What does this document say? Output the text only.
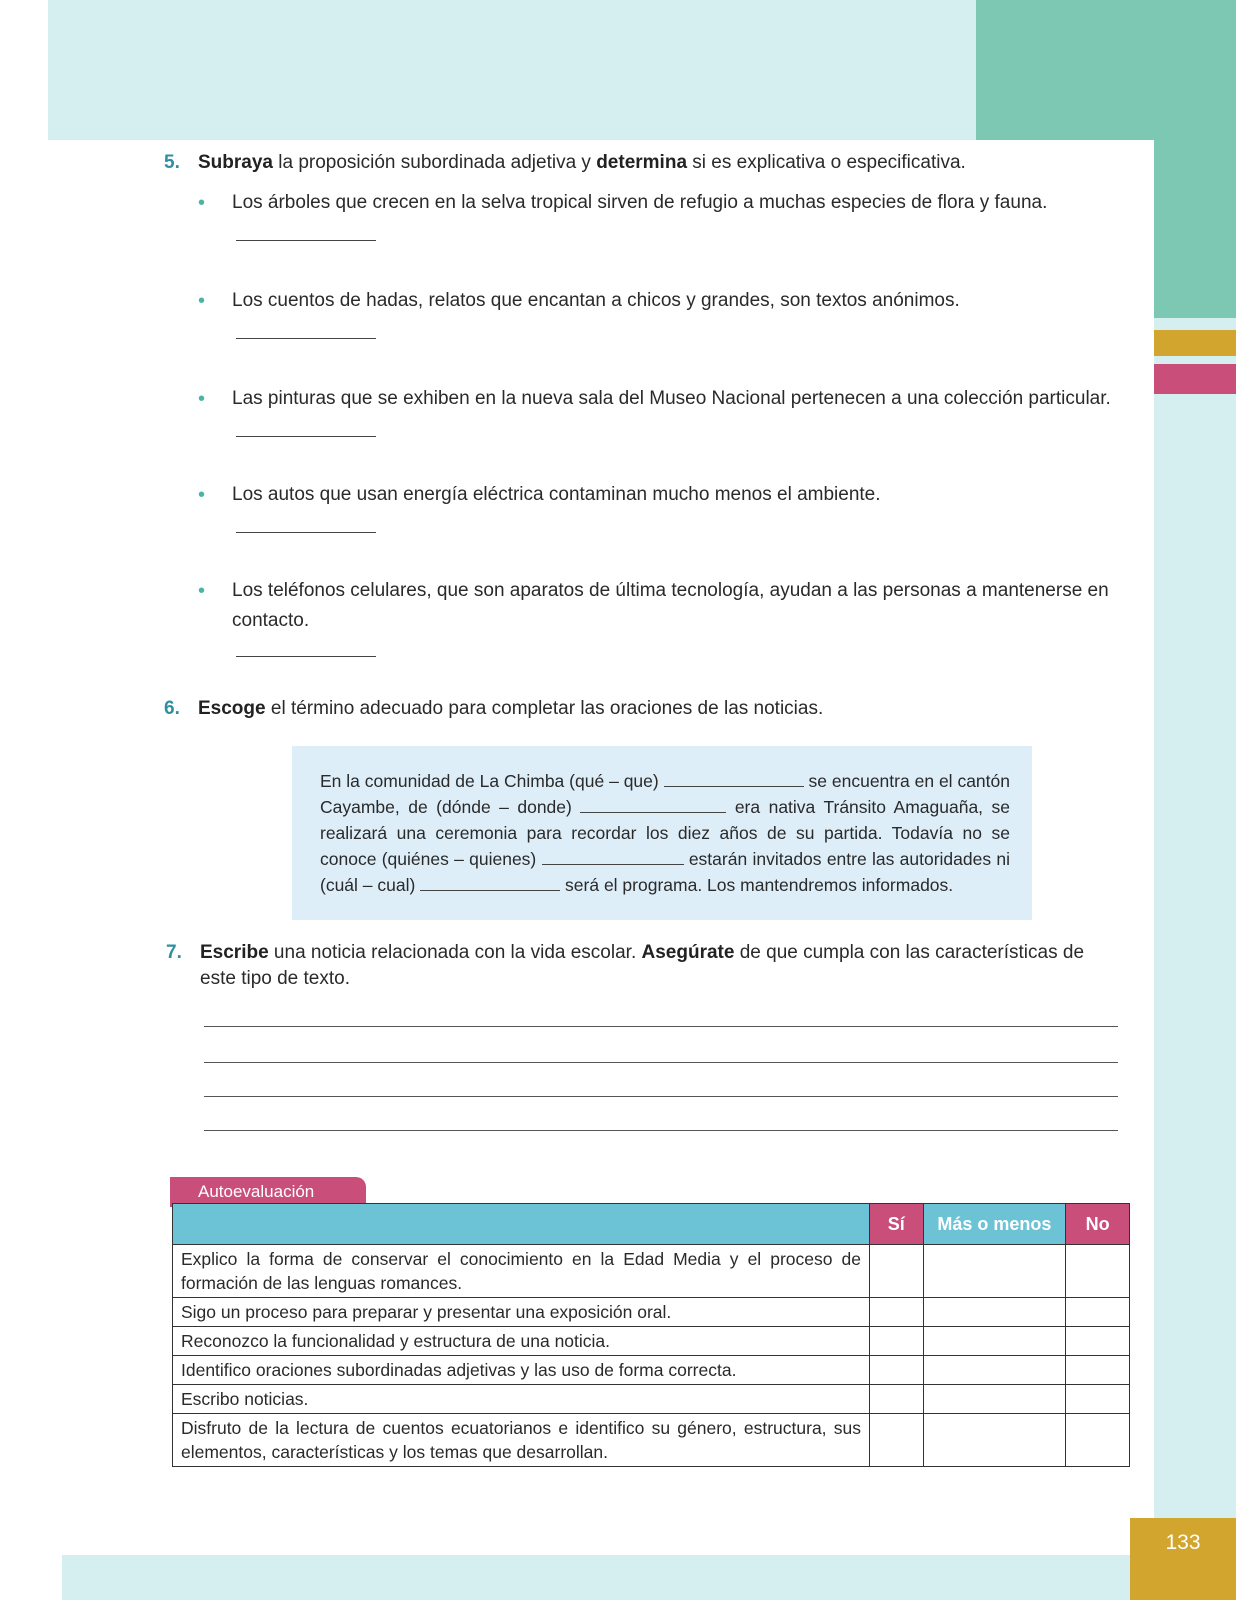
5. Subraya la proposición subordinada adjetiva y determina si es explicativa o especificativa.
• Los árboles que crecen en la selva tropical sirven de refugio a muchas especies de flora y fauna.
• Los cuentos de hadas, relatos que encantan a chicos y grandes, son textos anónimos.
• Las pinturas que se exhiben en la nueva sala del Museo Nacional pertenecen a una colección particular.
• Los autos que usan energía eléctrica contaminan mucho menos el ambiente.
• Los teléfonos celulares, que son aparatos de última tecnología, ayudan a las personas a mantenerse en contacto.
6. Escoge el término adecuado para completar las oraciones de las noticias.
En la comunidad de La Chimba (qué – que)	se encuentra en el cantón Cayambe, de (dónde – donde)	era nativa Tránsito Amaguaña, se realizará una ceremonia para recordar los diez años de su partida. Todavía no se conoce (quiénes – quienes)	estarán invitados entre las autoridades ni (cuál – cual)	será el programa. Los mantendremos informados.
7. Escribe una noticia relacionada con la vida escolar. Asegúrate de que cumpla con las características de este tipo de texto.
Autoevaluación
	Sí	Más o menos	No
Explico la forma de conservar el conocimiento en la Edad Media y el proceso de formación de las lenguas romances.			
Sigo un proceso para preparar y presentar una exposición oral.			
Reconozco la funcionalidad y estructura de una noticia.			
Identifico oraciones subordinadas adjetivas y las uso de forma correcta.			
Escribo noticias.			
Disfruto de la lectura de cuentos ecuatorianos e identifico su género, estructura, sus elementos, características y los temas que desarrollan.			
133
